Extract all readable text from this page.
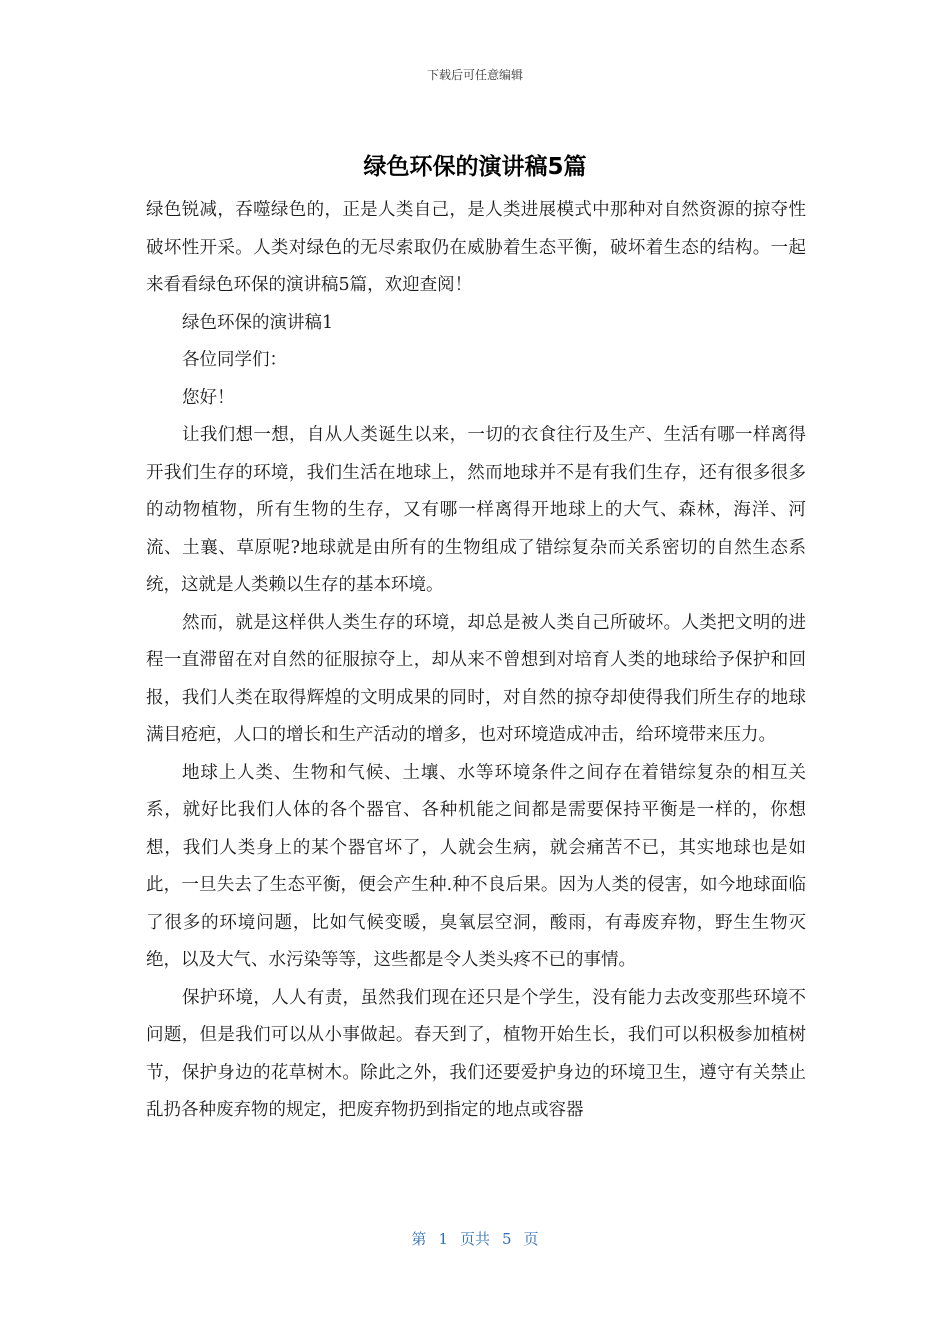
下载后可任意编辑
绿色环保的演讲稿5篇

绿色锐减，吞噬绿色的，正是人类自己，是人类进展模式中那种对自然资源的掠夺性破坏性开采。人类对绿色的无尽索取仍在威胁着生态平衡，破坏着生态的结构。一起来看看绿色环保的演讲稿5篇，欢迎查阅！

绿色环保的演讲稿1

各位同学们：

您好！

让我们想一想，自从人类诞生以来，一切的衣食往行及生产、生活有哪一样离得开我们生存的环境，我们生活在地球上，然而地球并不是有我们生存，还有很多很多的动物植物，所有生物的生存，又有哪一样离得开地球上的大气、森林，海洋、河流、土襄、草原呢?地球就是由所有的生物组成了错综复杂而关系密切的自然生态系统，这就是人类赖以生存的基本环境。

然而，就是这样供人类生存的环境，却总是被人类自己所破坏。人类把文明的进程一直滞留在对自然的征服掠夺上，却从来不曾想到对培育人类的地球给予保护和回报，我们人类在取得辉煌的文明成果的同时，对自然的掠夺却使得我们所生存的地球满目疮疤，人口的增长和生产活动的增多，也对环境造成冲击，给环境带来压力。

地球上人类、生物和气候、土壤、水等环境条件之间存在着错综复杂的相互关系，就好比我们人体的各个器官、各种机能之间都是需要保持平衡是一样的，你想想，我们人类身上的某个器官坏了，人就会生病，就会痛苦不已，其实地球也是如此，一旦失去了生态平衡，便会产生种.种不良后果。因为人类的侵害，如今地球面临了很多的环境问题，比如气候变暖，臭氧层空洞，酸雨，有毒废弃物，野生生物灭绝，以及大气、水污染等等，这些都是令人类头疼不已的事情。

保护环境，人人有责，虽然我们现在还只是个学生，没有能力去改变那些环境不问题，但是我们可以从小事做起。春天到了，植物开始生长，我们可以积极参加植树节，保护身边的花草树木。除此之外，我们还要爱护身边的环境卫生，遵守有关禁止乱扔各种废弃物的规定，把废弃物扔到指定的地点或容器

第 1 页共 5 页
